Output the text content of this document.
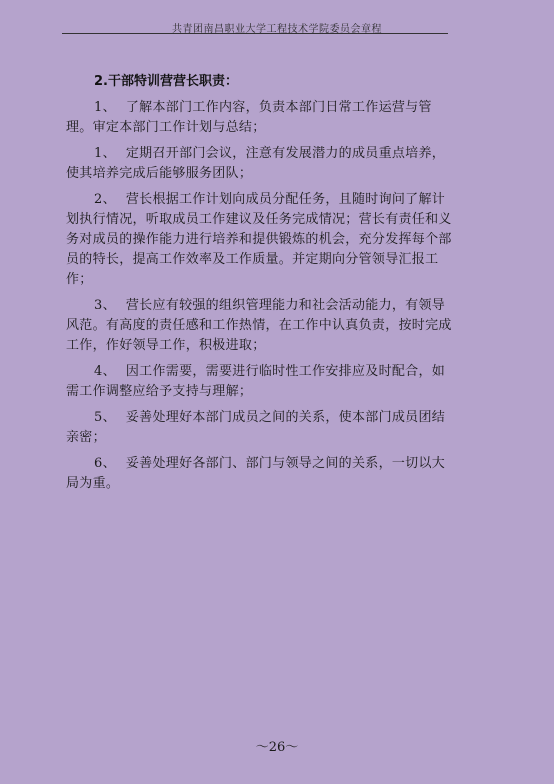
共青团南昌职业大学工程技术学院委员会章程
2.干部特训营营长职责：

1、 了解本部门工作内容，负责本部门日常工作运营与管理。审定本部门工作计划与总结；

1、 定期召开部门会议，注意有发展潜力的成员重点培养，使其培养完成后能够服务团队；

2、 营长根据工作计划向成员分配任务，且随时询问了解计划执行情况，听取成员工作建议及任务完成情况；营长有责任和义务对成员的操作能力进行培养和提供锻炼的机会，充分发挥每个部员的特长，提高工作效率及工作质量。并定期向分管领导汇报工作；

3、 营长应有较强的组织管理能力和社会活动能力，有领导风范。有高度的责任感和工作热情，在工作中认真负责，按时完成工作，作好领导工作，积极进取；

4、 因工作需要，需要进行临时性工作安排应及时配合，如需工作调整应给予支持与理解；

5、 妥善处理好本部门成员之间的关系，使本部门成员团结亲密；

6、 妥善处理好各部门、部门与领导之间的关系，一切以大局为重。

～26～
